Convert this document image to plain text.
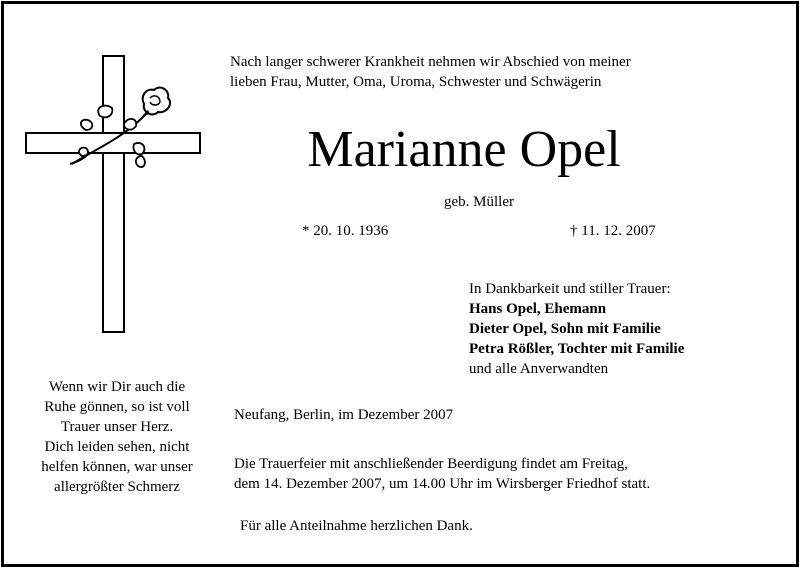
Nach langer schwerer Krankheit nehmen wir Abschied von meiner
lieben Frau, Mutter, Oma, Uroma, Schwester und Schwägerin
Marianne Opel
geb. Müller
* 20. 10. 1936	† 11. 12. 2007
In Dankbarkeit und stiller Trauer:
Hans Opel, Ehemann
Dieter Opel, Sohn mit Familie
Petra Rößler, Tochter mit Familie
und alle Anverwandten
Wenn wir Dir auch die
Ruhe gönnen, so ist voll
Trauer unser Herz.
Dich leiden sehen, nicht
helfen können, war unser
allergrößter Schmerz
Neufang, Berlin, im Dezember 2007
Die Trauerfeier mit anschließender Beerdigung findet am Freitag,
dem 14. Dezember 2007, um 14.00 Uhr im Wirsberger Friedhof statt.
Für alle Anteilnahme herzlichen Dank.
